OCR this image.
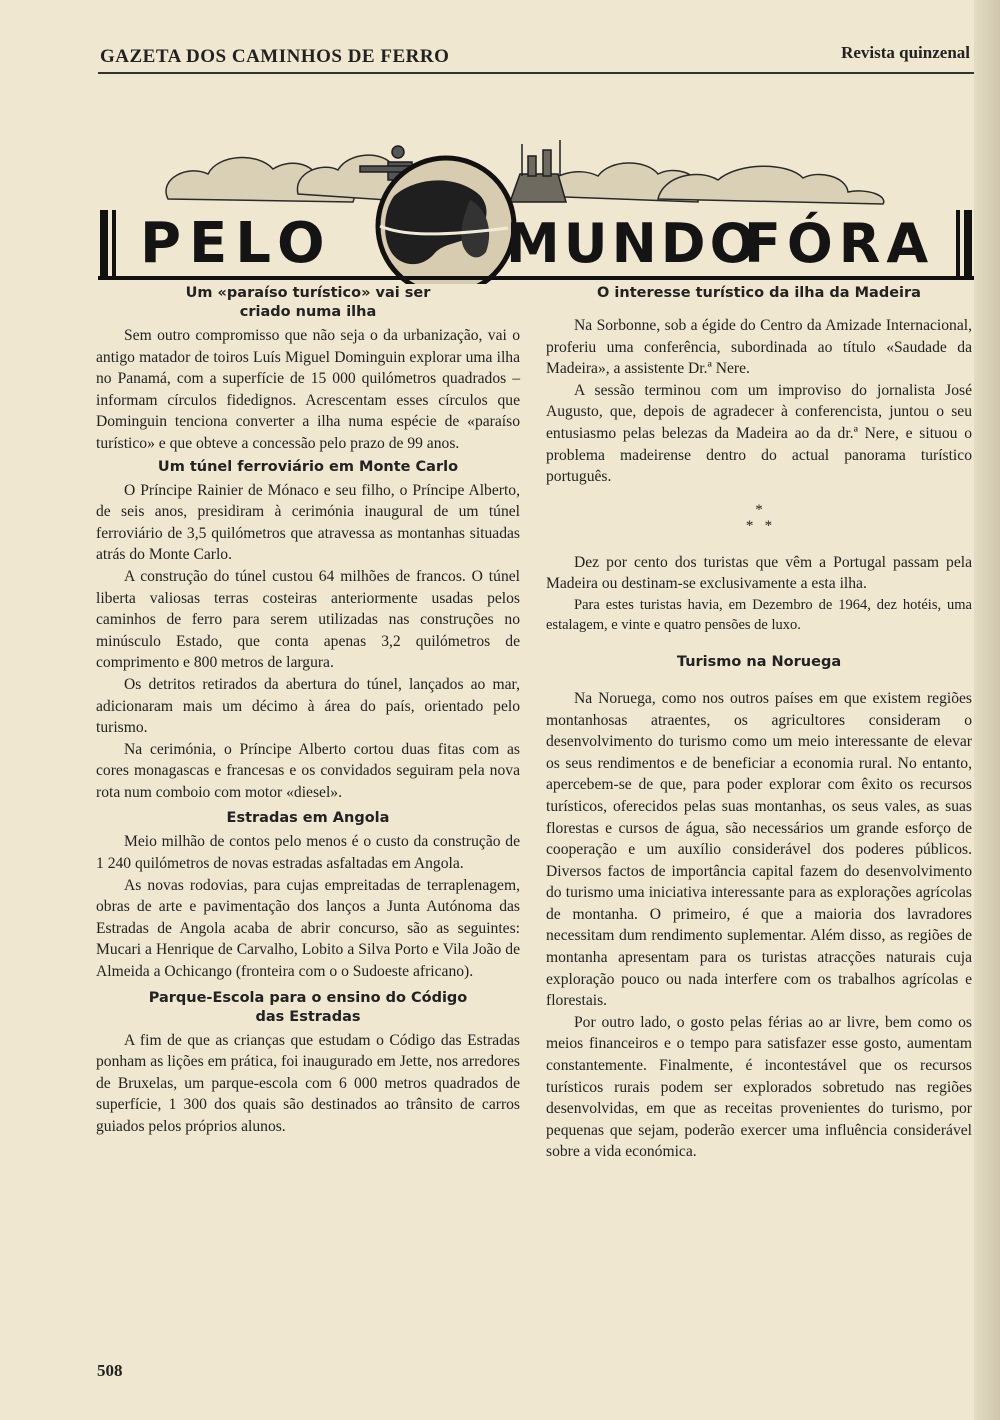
GAZETA DOS CAMINHOS DE FERRO	Revista quinzenal
PELO	MUNDO
FÓRA
Um «paraíso turístico» vai ser
criado numa ilha

Sem outro compromisso que não seja o da urbanização, vai o antigo matador de toiros Luís Miguel Dominguin explorar uma ilha no Panamá, com a superfície de 15 000 quilómetros quadrados – informam círculos fidedignos. Acrescentam esses círculos que Dominguin tenciona converter a ilha numa espécie de «paraíso turístico» e que obteve a concessão pelo prazo de 99 anos.

Um túnel ferroviário em Monte Carlo

O Príncipe Rainier de Mónaco e seu filho, o Príncipe Alberto, de seis anos, presidiram à cerimónia inaugural de um túnel ferroviário de 3,5 quilómetros que atravessa as montanhas situadas atrás do Monte Carlo.

A construção do túnel custou 64 milhões de francos. O túnel liberta valiosas terras costeiras anteriormente usadas pelos caminhos de ferro para serem utilizadas nas construções no minúsculo Estado, que conta apenas 3,2 quilómetros de comprimento e 800 metros de largura.

Os detritos retirados da abertura do túnel, lançados ao mar, adicionaram mais um décimo à área do país, orientado pelo turismo.

Na cerimónia, o Príncipe Alberto cortou duas fitas com as cores monagascas e francesas e os convidados seguiram pela nova rota num comboio com motor «diesel».

Estradas em Angola

Meio milhão de contos pelo menos é o custo da construção de 1 240 quilómetros de novas estradas asfaltadas em Angola.

As novas rodovias, para cujas empreitadas de terraplenagem, obras de arte e pavimentação dos lanços a Junta Autónoma das Estradas de Angola acaba de abrir concurso, são as seguintes: Mucari a Henrique de Carvalho, Lobito a Silva Porto e Vila João de Almeida a Ochicango (fronteira com o o Sudoeste africano).

Parque-Escola para o ensino do Código
das Estradas

A fim de que as crianças que estudam o Código das Estradas ponham as lições em prática, foi inaugurado em Jette, nos arredores de Bruxelas, um parque-escola com 6 000 metros quadrados de superfície, 1 300 dos quais são destinados ao trânsito de carros guiados pelos próprios alunos.

O interesse turístico da ilha da Madeira

Na Sorbonne, sob a égide do Centro da Amizade Internacional, proferiu uma conferência, subordinada ao título «Saudade da Madeira», a assistente Dr.ª Nere.

A sessão terminou com um improviso do jornalista José Augusto, que, depois de agradecer à conferencista, juntou o seu entusiasmo pelas belezas da Madeira ao da dr.ª Nere, e situou o problema madeirense dentro do actual panorama turístico português.

*
*   *

Dez por cento dos turistas que vêm a Portugal passam pela Madeira ou destinam-se exclusivamente a esta ilha.

Para estes turistas havia, em Dezembro de 1964, dez hotéis, uma estalagem, e vinte e quatro pensões de luxo.

Turismo na Noruega

Na Noruega, como nos outros países em que existem regiões montanhosas atraentes, os agricultores consideram o desenvolvimento do turismo como um meio interessante de elevar os seus rendimentos e de beneficiar a economia rural. No entanto, apercebem-se de que, para poder explorar com êxito os recursos turísticos, oferecidos pelas suas montanhas, os seus vales, as suas florestas e cursos de água, são necessários um grande esforço de cooperação e um auxílio considerável dos poderes públicos. Diversos factos de importância capital fazem do desenvolvimento do turismo uma iniciativa interessante para as explorações agrícolas de montanha. O primeiro, é que a maioria dos lavradores necessitam dum rendimento suplementar. Além disso, as regiões de montanha apresentam para os turistas atracções naturais cuja exploração pouco ou nada interfere com os trabalhos agrícolas e florestais.

Por outro lado, o gosto pelas férias ao ar livre, bem como os meios financeiros e o tempo para satisfazer esse gosto, aumentam constantemente. Finalmente, é incontestável que os recursos turísticos rurais podem ser explorados sobretudo nas regiões desenvolvidas, em que as receitas provenientes do turismo, por pequenas que sejam, poderão exercer uma influência considerável sobre a vida económica.

508
